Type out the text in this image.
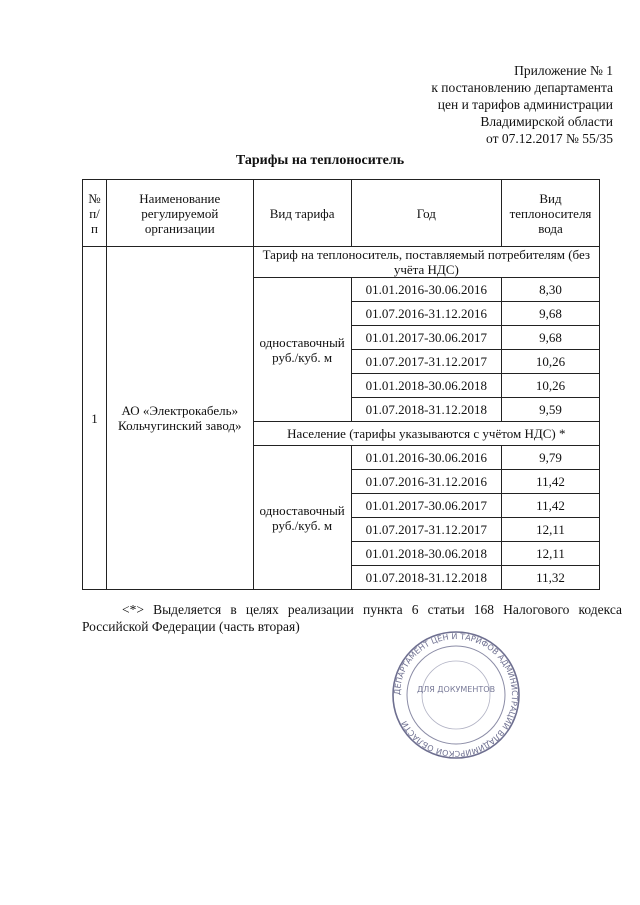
Приложение № 1
к постановлению департамента
цен и тарифов администрации
Владимирской области
от 07.12.2017 № 55/35
Тарифы на теплоноситель
№ п/п	Наименование регулируемой организации	Вид тарифа	Год	Вид теплоносителя вода
1	АО «Электрокабель» Кольчугинский завод»	Тариф на теплоноситель, поставляемый потребителям (без учёта НДС)		
		одноставочный руб./куб. м	01.01.2016-30.06.2016	8,30
			01.07.2016-31.12.2016	9,68
			01.01.2017-30.06.2017	9,68
			01.07.2017-31.12.2017	10,26
			01.01.2018-30.06.2018	10,26
			01.07.2018-31.12.2018	9,59
		Население (тарифы указываются с учётом НДС) *		
		одноставочный руб./куб. м	01.01.2016-30.06.2016	9,79
			01.07.2016-31.12.2016	11,42
			01.01.2017-30.06.2017	11,42
			01.07.2017-31.12.2017	12,11
			01.01.2018-30.06.2018	12,11
			01.07.2018-31.12.2018	11,32
<*> Выделяется в целях реализации пункта 6 статьи 168 Налогового кодекса Российской Федерации (часть вторая)
ДЕПАРТАМЕНТ ЦЕН И ТАРИФОВ АДМИНИСТРАЦИИ ВЛАДИМИРСКОЙ ОБЛАСТИ
ДЛЯ ДОКУМЕНТОВ
